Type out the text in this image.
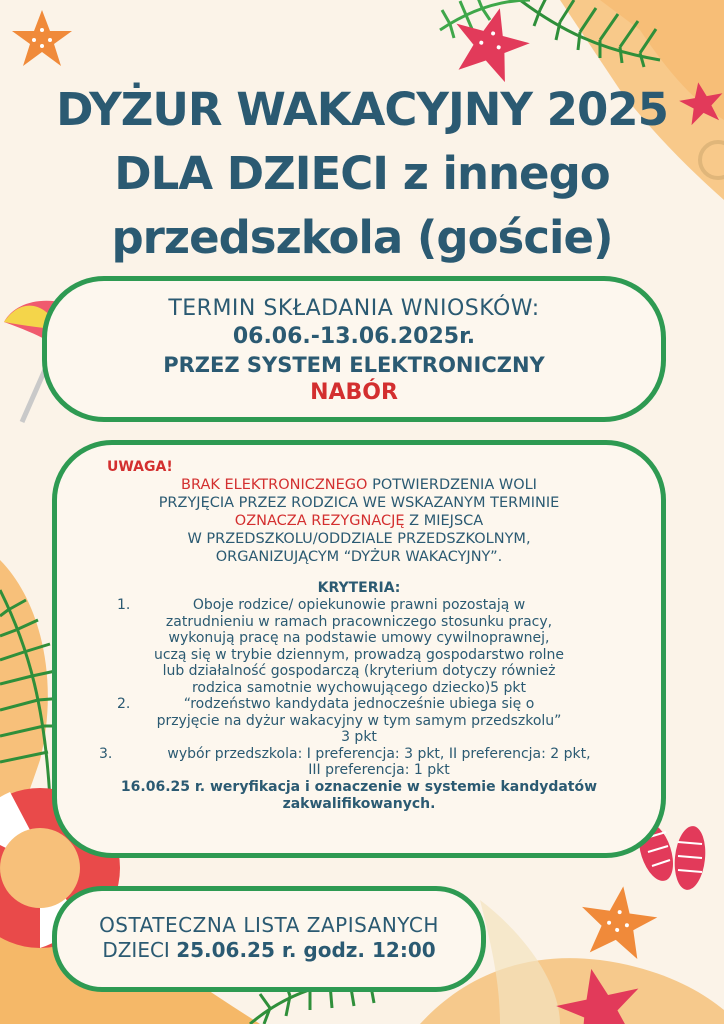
DYŻUR WAKACYJNY 2025
DLA DZIECI z innego
przedszkola (goście)
TERMIN SKŁADANIA WNIOSKÓW:
06.06.-13.06.2025r.
PRZEZ SYSTEM ELEKTRONICZNY
NABÓR
UWAGA!
BRAK ELEKTRONICZNEGO POTWIERDZENIA WOLI
PRZYJĘCIA PRZEZ RODZICA WE WSKAZANYM TERMINIE
OZNACZA REZYGNACJĘ Z MIEJSCA
W PRZEDSZKOLU/ODDZIALE PRZEDSZKOLNYM,
ORGANIZUJĄCYM “DYŻUR WAKACYJNY”.
KRYTERIA:
1.	Oboje rodzice/ opiekunowie prawni pozostają w
zatrudnieniu w ramach pracowniczego stosunku pracy,
wykonują pracę na podstawie umowy cywilnoprawnej,
uczą się w trybie dziennym, prowadzą gospodarstwo rolne
lub działalność gospodarczą (kryterium dotyczy również
rodzica samotnie wychowującego dziecko)5 pkt
2.	“rodzeństwo kandydata jednocześnie ubiega się o
przyjęcie na dyżur wakacyjny w tym samym przedszkolu”
3 pkt
3.	wybór przedszkola: I preferencja: 3 pkt, II preferencja: 2 pkt,
III preferencja: 1 pkt
16.06.25 r. weryfikacja i oznaczenie w systemie kandydatów
zakwalifikowanych.
OSTATECZNA LISTA ZAPISANYCH
DZIECI 25.06.25 r. godz. 12:00
